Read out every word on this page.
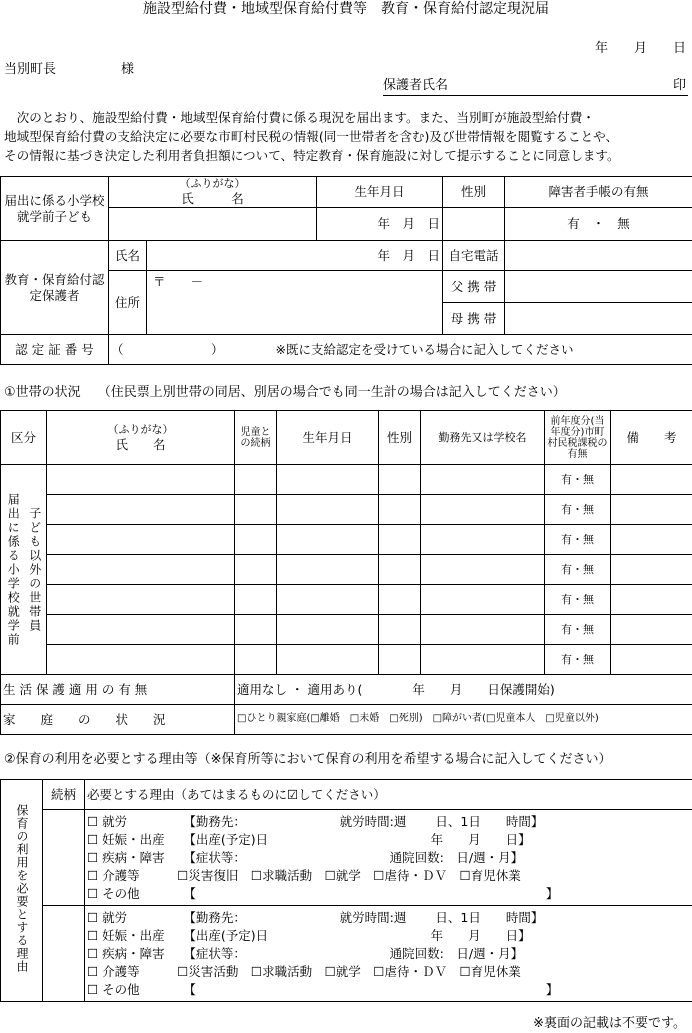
施設型給付費・地域型保育給付費等　教育・保育給付認定現況届
年　　月　　日
当別町長　　　　　様
保護者氏名	印

　次のとおり、施設型給付費・地域型保育給付費に係る現況を届出ます。また、当別町が施設型給付費・

地域型保育給付費の支給決定に必要な市町村民税の情報(同一世帯者を含む)及び世帯情報を閲覧することや、

その情報に基づき決定した利用者負担額について、特定教育・保育施設に対して提示することに同意します。

届出に係る小学校就学前子ども	（ふりがな）
氏　　　名		生年月日	性別	障害者手帳の有無
			年　月　日		有　・　無
教育・保育給付認定保護者	氏名	年　月　日		自宅電話	
	住所	〒　　－		父 携 帯	
				母 携 帯	
認 定 証 番 号	（　　　　　　　） ※既に支給認定を受けている場合に記入してください				
①世帯の状況　 （住民票上別世帯の同居、別居の場合でも同一生計の場合は記入してください）
区分	（ふりがな）
氏　　名	児童との続柄	生年月日	性別	勤務先又は学校名	前年度分(当年度分)市町村民税課税の有無	備　　考

届出に係る小学校就学前 子ども以外の世帯員						有・無	
						有・無	
						有・無	
						有・無	
						有・無	
						有・無	
						有・無	
生 活 保 護 適 用 の 有 無		適用なし ・ 適用あり(　　　　年　　月　　日保護開始)					
家　　庭　　の　　状　　況		□ひとり親家庭(□離婚　□未婚　□死別)　□障がい者(□児童本人　□児童以外)					
②保育の利用を必要とする理由等（※保育所等において保育の利用を希望する場合に記入してください）
保育の利用を必要とする理由	続柄	必要とする理由（あてはまるものに☑してください）

		☐ 就労　　　　　【勤務先：　　　　　　　　就労時間:週　　 日、1日　　時間】
☐ 妊娠・出産　　【出産(予定)日　　　　　　　　　　　　　年　　月　　日】
☐ 疾病・障害　　【症状等：　　　　　　　　　　　　通院回数:　日/週・月】
☐ 介護等　　　☐災害復旧　☐求職活動　☐就学　☐虐待・ＤＶ　☐育児休業
☐ その他　　　　【　　　　　　　　　　　　　　　　　　　　　　　　　　　　】

		☐ 就労　　　　　【勤務先：　　　　　　　　就労時間:週　　 日、1日　　時間】
☐ 妊娠・出産　　【出産(予定)日　　　　　　　　　　　　　年　　月　　日】
☐ 疾病・障害　　【症状等：　　　　　　　　　　　　通院回数:　日/週・月】
☐ 介護等　　　☐災害活動　☐求職活動　☐就学　☐虐待・ＤＶ　☐育児休業
☐ その他　　　　【　　　　　　　　　　　　　　　　　　　　　　　　　　　　】
※裏面の記載は不要です。
